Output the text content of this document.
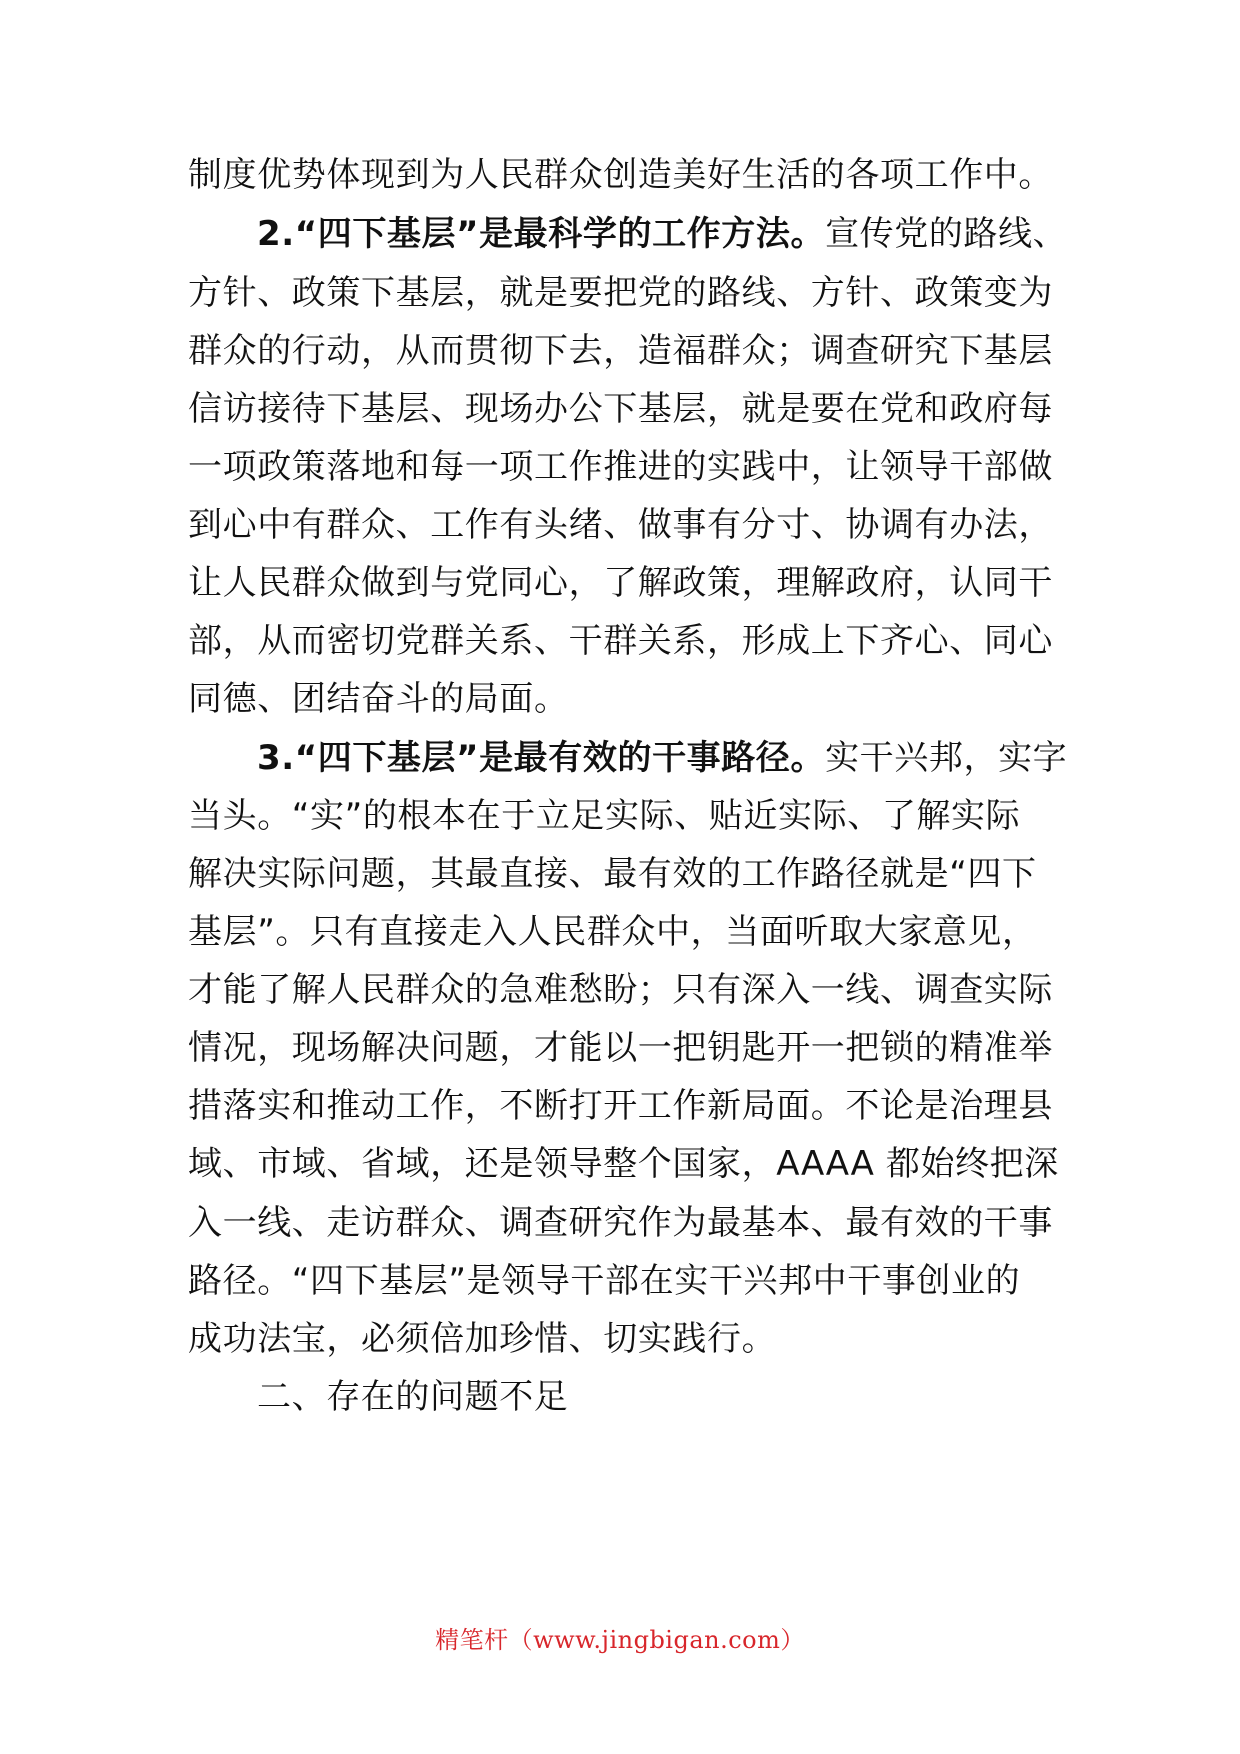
制度优势体现到为人民群众创造美好生活的各项工作中。
2.“四下基层”是最科学的工作方法。宣传党的路线、
方针、政策下基层，就是要把党的路线、方针、政策变为
群众的行动，从而贯彻下去，造福群众；调查研究下基层
信访接待下基层、现场办公下基层，就是要在党和政府每
一项政策落地和每一项工作推进的实践中，让领导干部做
到心中有群众、工作有头绪、做事有分寸、协调有办法，
让人民群众做到与党同心，了解政策，理解政府，认同干
部，从而密切党群关系、干群关系，形成上下齐心、同心
同德、团结奋斗的局面。
3.“四下基层”是最有效的干事路径。实干兴邦，实字
当头。“实”的根本在于立足实际、贴近实际、了解实际
解决实际问题，其最直接、最有效的工作路径就是“四下
基层”。只有直接走入人民群众中，当面听取大家意见，
才能了解人民群众的急难愁盼；只有深入一线、调查实际
情况，现场解决问题，才能以一把钥匙开一把锁的精准举
措落实和推动工作，不断打开工作新局面。不论是治理县
域、市域、省域，还是领导整个国家，AAAA 都始终把深
入一线、走访群众、调查研究作为最基本、最有效的干事
路径。“四下基层”是领导干部在实干兴邦中干事创业的
成功法宝，必须倍加珍惜、切实践行。
二、存在的问题不足
精笔杆（www.jingbigan.com）
